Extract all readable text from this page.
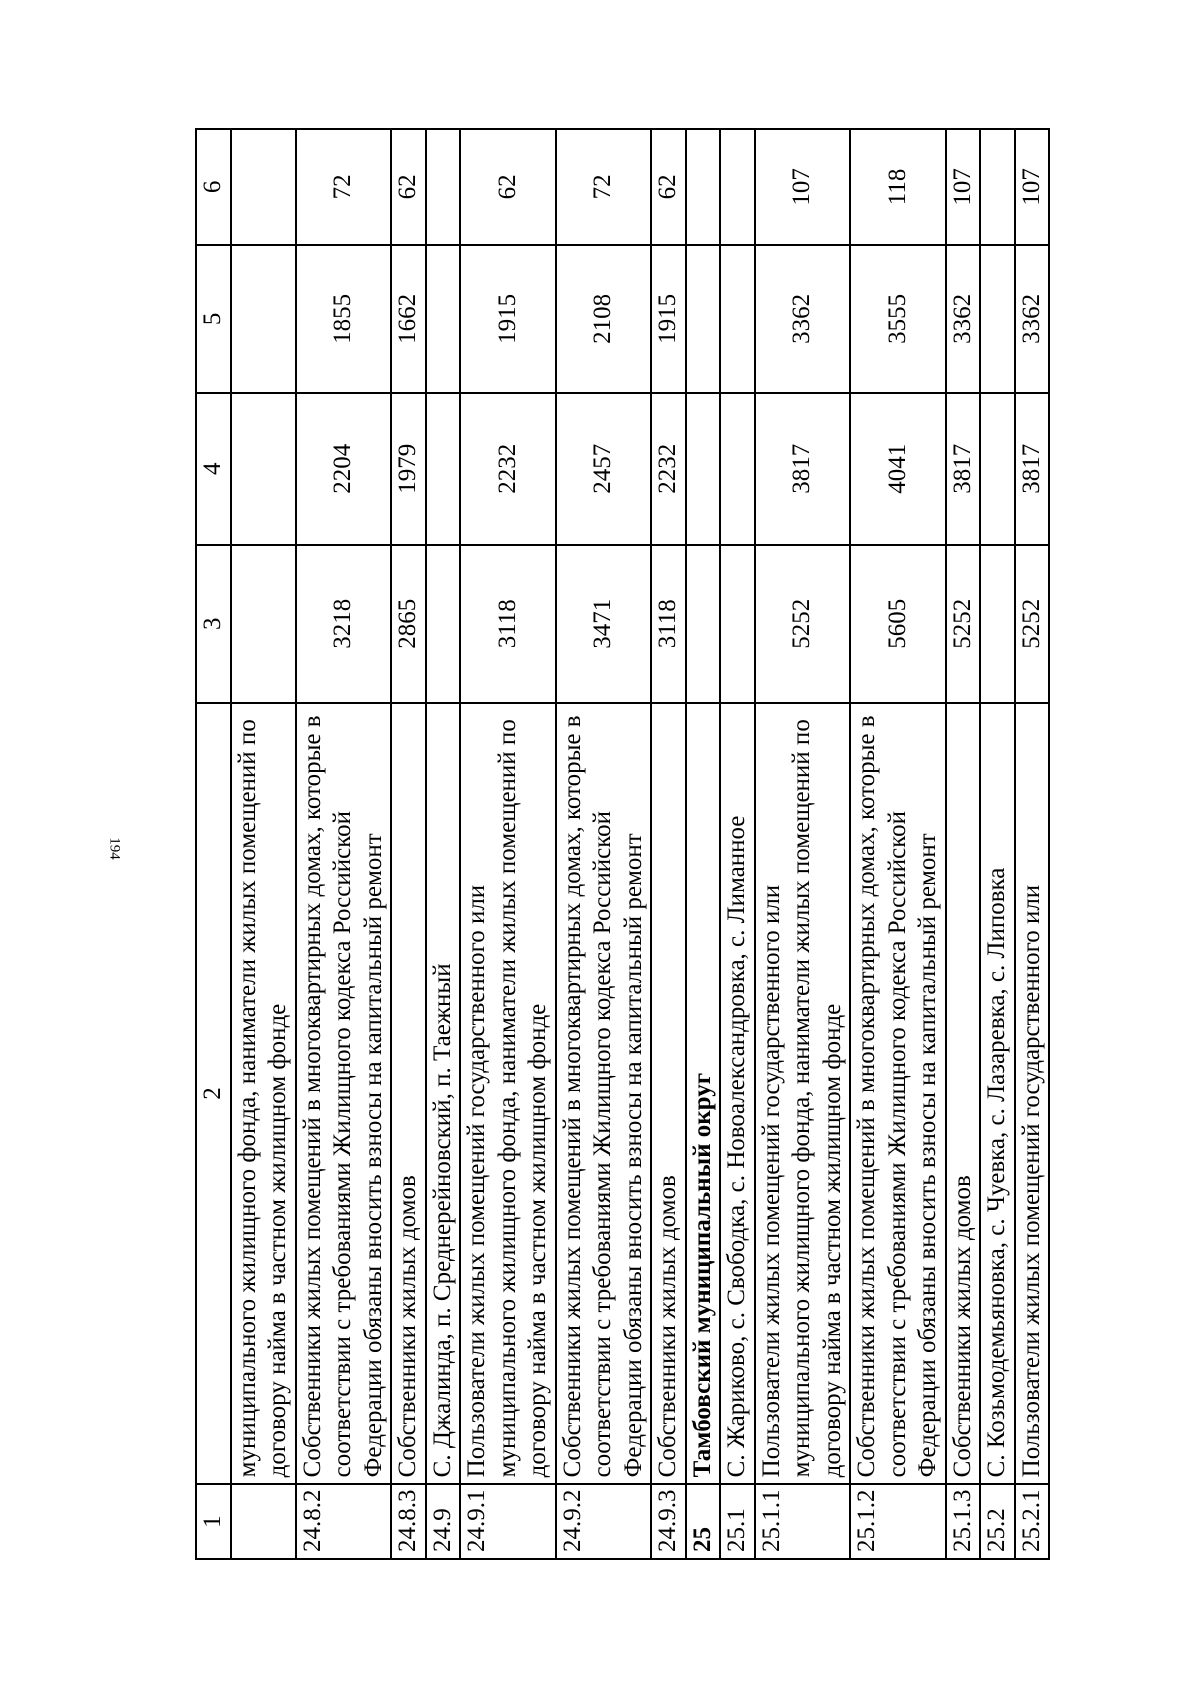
194
1	2	3	4	5	6
	муниципального жилищного фонда, наниматели жилых помещений по договору найма в частном жилищном фонде				
24.8.2	Собственники жилых помещений в многоквартирных домах, которые в соответствии с требованиями Жилищного кодекса Российской Федерации обязаны вносить взносы на капитальный ремонт	3218	2204	1855	72
24.8.3	Собственники жилых домов	2865	1979	1662	62
24.9	С. Джалинда, п. Среднерейновский, п. Таежный				
24.9.1	Пользователи жилых помещений государственного или муниципального жилищного фонда, наниматели жилых помещений по договору найма в частном жилищном фонде	3118	2232	1915	62
24.9.2	Собственники жилых помещений в многоквартирных домах, которые в соответствии с требованиями Жилищного кодекса Российской Федерации обязаны вносить взносы на капитальный ремонт	3471	2457	2108	72
24.9.3	Собственники жилых домов	3118	2232	1915	62
25	Тамбовский муниципальный округ				
25.1	С. Жариково, с. Свободка, с. Новоалександровка, с. Лиманное				
25.1.1	Пользователи жилых помещений государственного или муниципального жилищного фонда, наниматели жилых помещений по договору найма в частном жилищном фонде	5252	3817	3362	107
25.1.2	Собственники жилых помещений в многоквартирных домах, которые в соответствии с требованиями Жилищного кодекса Российской Федерации обязаны вносить взносы на капитальный ремонт	5605	4041	3555	118
25.1.3	Собственники жилых домов	5252	3817	3362	107
25.2	С. Козьмодемьяновка, с. Чуевка, с. Лазаревка, с. Липовка				
25.2.1	Пользователи жилых помещений государственного или	5252	3817	3362	107
